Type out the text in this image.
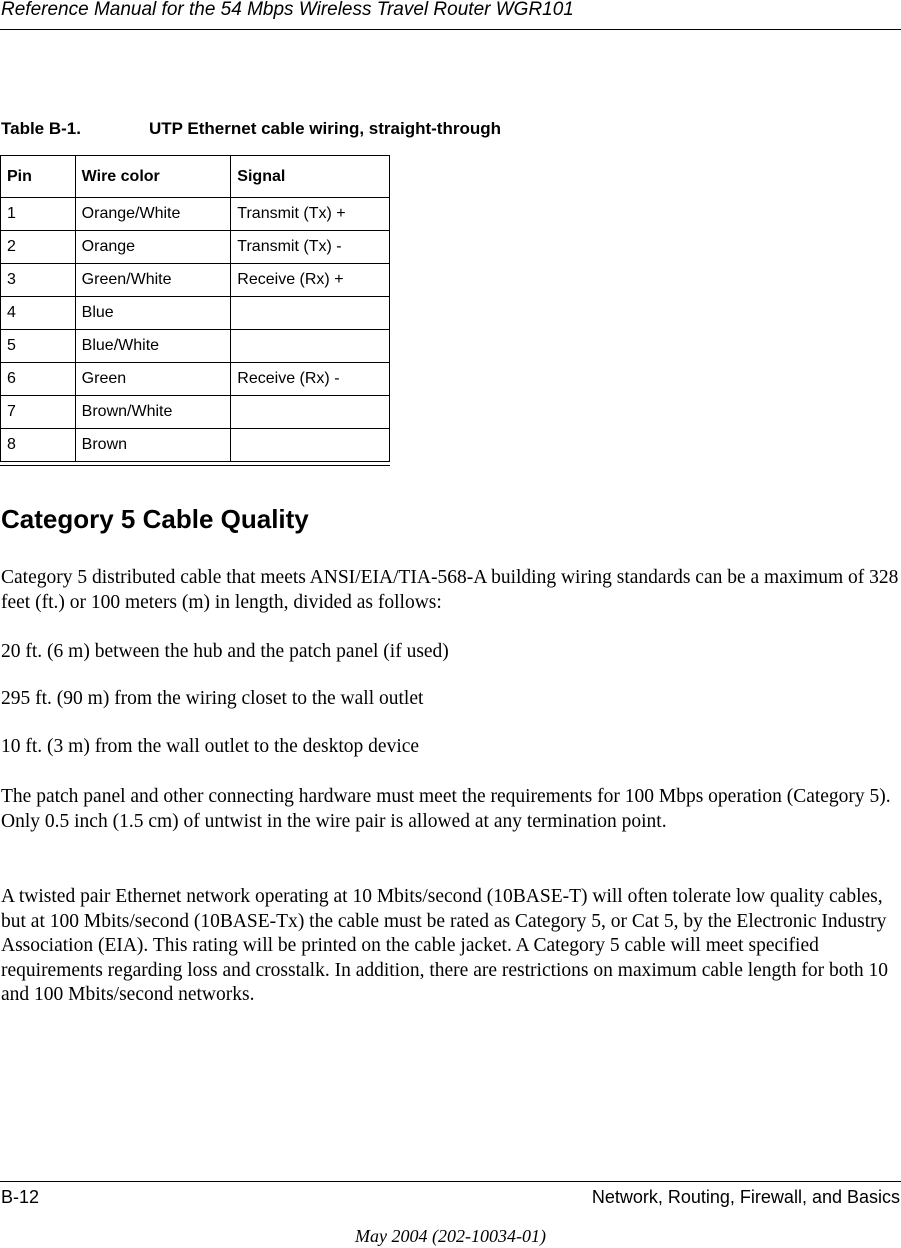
Reference Manual for the 54 Mbps Wireless Travel Router WGR101
Table B-1.	UTP Ethernet cable wiring, straight-through
Pin	Wire color	Signal
1	Orange/White	Transmit (Tx) +
2	Orange	Transmit (Tx) -
3	Green/White	Receive (Rx) +
4	Blue	
5	Blue/White	
6	Green	Receive (Rx) -
7	Brown/White	
8	Brown	
Category 5 Cable Quality

Category 5 distributed cable that meets ANSI/EIA/TIA-568-A building wiring standards can be a maximum of 328 feet (ft.) or 100 meters (m) in length, divided as follows:

20 ft. (6 m) between the hub and the patch panel (if used)

295 ft. (90 m) from the wiring closet to the wall outlet

10 ft. (3 m) from the wall outlet to the desktop device

The patch panel and other connecting hardware must meet the requirements for 100 Mbps operation (Category 5). Only 0.5 inch (1.5 cm) of untwist in the wire pair is allowed at any termination point.

A twisted pair Ethernet network operating at 10 Mbits/second (10BASE-T) will often tolerate low quality cables, but at 100 Mbits/second (10BASE-Tx) the cable must be rated as Category 5, or Cat 5, by the Electronic Industry Association (EIA). This rating will be printed on the cable jacket. A Category 5 cable will meet specified requirements regarding loss and crosstalk. In addition, there are restrictions on maximum cable length for both 10 and 100 Mbits/second networks.

B-12	Network, Routing, Firewall, and Basics
May 2004 (202-10034-01)
